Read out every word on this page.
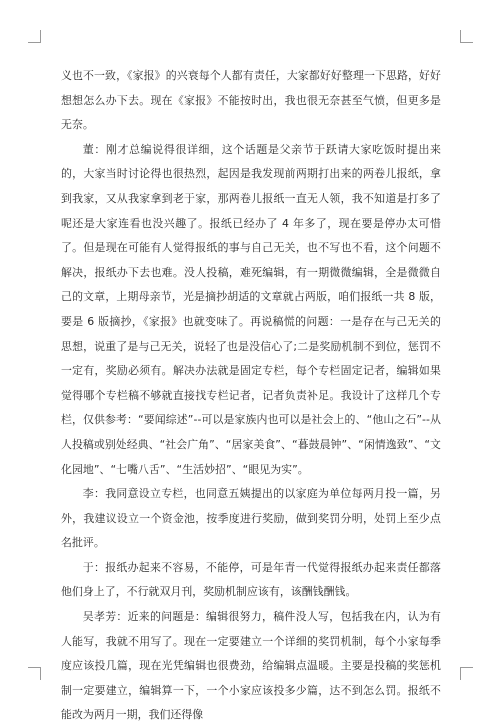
义也不一致，《家报》的兴衰每个人都有责任，大家都好好整理一下思路，好好想想怎么办下去。现在《家报》不能按时出，我也很无奈甚至气愤，但更多是无奈。

董：刚才总编说得很详细，这个话题是父亲节于跃请大家吃饭时提出来的，大家当时讨论得也很热烈，起因是我发现前两期打出来的两卷儿报纸，拿到我家，又从我家拿到老于家，那两卷儿报纸一直无人领，我不知道是打多了呢还是大家连看也没兴趣了。报纸已经办了 4 年多了，现在要是停办太可惜了。但是现在可能有人觉得报纸的事与自己无关，也不写也不看，这个问题不解决，报纸办下去也难。没人投稿，难死编辑，有一期微微编辑，全是微微自己的文章，上期母亲节，光是摘抄胡适的文章就占两版，咱们报纸一共 8 版，要是 6 版摘抄，《家报》也就变味了。再说稿慌的问题：一是存在与己无关的思想，说重了是与己无关，说轻了也是没信心了;二是奖励机制不到位，惩罚不一定有，奖励必须有。解决办法就是固定专栏，每个专栏固定记者，编辑如果觉得哪个专栏稿不够就直接找专栏记者，记者负责补足。我设计了这样几个专栏，仅供参考：“要闻综述”--可以是家族内也可以是社会上的、“他山之石”--从人投稿或别处经典、“社会广角”、“居家美食”、“暮鼓晨钟”、“闲情逸致”、“文化园地”、“七嘴八舌”、“生活妙招”、“眼见为实”。

李：我同意设立专栏，也同意五姨提出的以家庭为单位每两月投一篇，另外，我建议设立一个资金池，按季度进行奖励，做到奖罚分明，处罚上至少点名批评。

于：报纸办起来不容易，不能停，可是年青一代觉得报纸办起来责任都落他们身上了，不行就双月刊，奖励机制应该有，该酬钱酬钱。

吴孝芳：近来的问题是：编辑很努力，稿件没人写，包括我在内，认为有人能写，我就不用写了。现在一定要建立一个详细的奖罚机制，每个小家每季度应该投几篇，现在光凭编辑也很费劲，给编辑点温暖。主要是投稿的奖惩机制一定要建立，编辑算一下，一个小家应该投多少篇，达不到怎么罚。报纸不能改为两月一期，我们还得像
